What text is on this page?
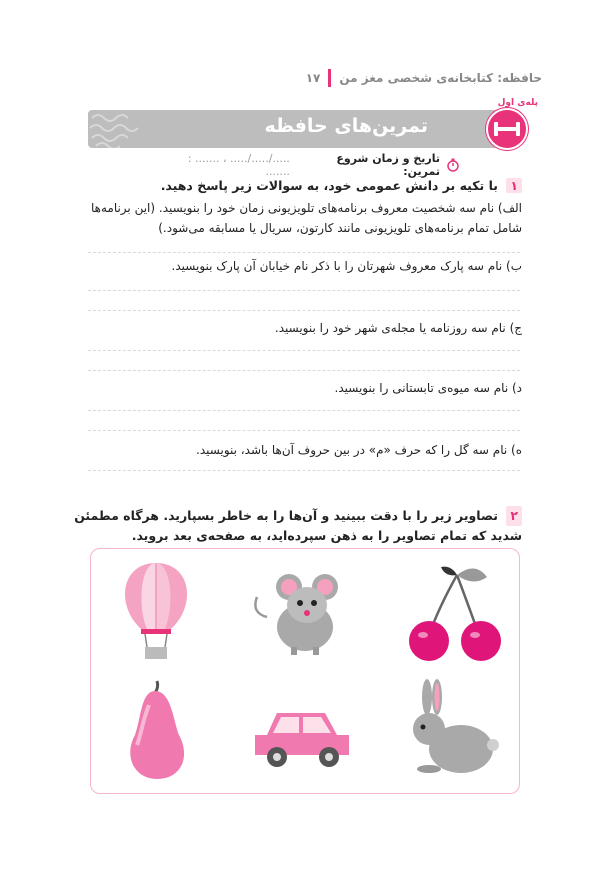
حافظه: کتابخانه‌ی شخصی مغز من
۱۷
تمرین‌های حافظه
پله‌ی اول
تاریخ و زمان شروع تمرین:
...../...../..... ، ....... : .......
۱ با تکیه بر دانش عمومی خود، به سوالات زیر پاسخ دهید.
الف) نام سه شخصیت معروف برنامه‌های تلویزیونی زمان خود را بنویسید. (این برنامه‌ها شامل تمام برنامه‌های تلویزیونی مانند کارتون، سریال یا مسابقه می‌شود.)
ب) نام سه پارک معروف شهرتان را با ذکر نام خیابان آن پارک بنویسید.
ج) نام سه روزنامه یا مجله‌ی شهر خود را بنویسید.
د) نام سه میوه‌ی تابستانی را بنویسید.
ه) نام سه گل را که حرف «م» در بین حروف آن‌ها باشد، بنویسید.
۲ تصاویر زیر را با دقت ببینید و آن‌ها را به خاطر بسپارید. هرگاه مطمئن شدید که تمام تصاویر را به ذهن سپرده‌اید، به صفحه‌ی بعد بروید.
